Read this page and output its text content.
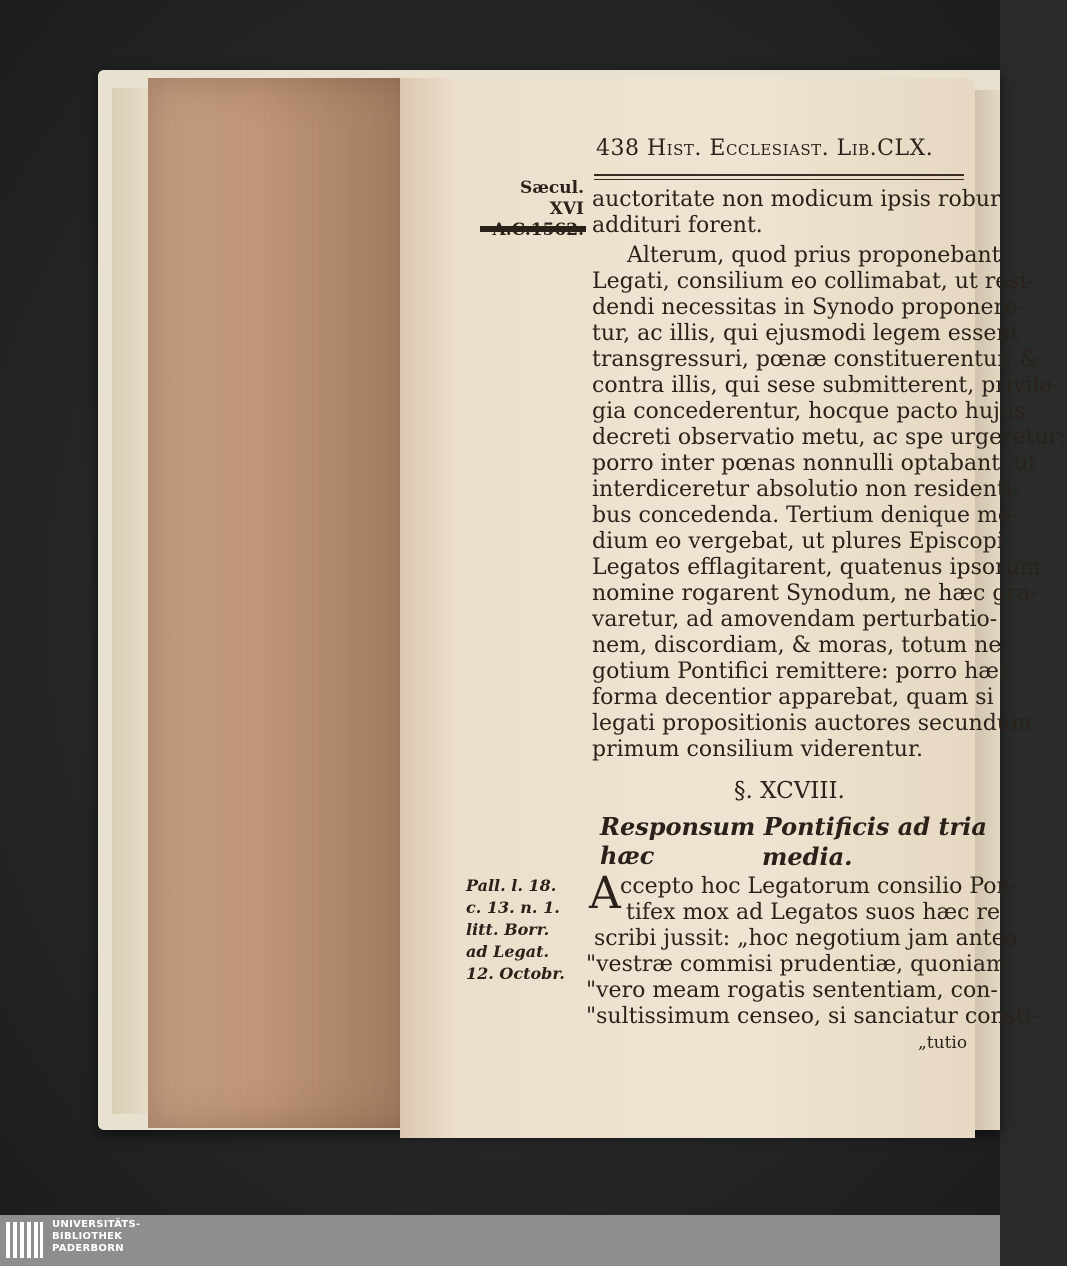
438 Hist. Ecclesiast. Lib.CLX.
Sæcul. XVI auctoritate non modicum ipsis robur
addituri forent.
Alterum, quod prius proponebant
Legati, consilium eo collimabat, ut resi-
dendi necessitas in Synodo proponere-
tur, ac illis, qui ejusmodi legem essent
transgressuri, pœnæ constituerentur, &
contra illis, qui sese submitterent, privile-
gia concederentur, hocque pacto hujus
decreti observatio metu, ac spe urgeretur;
porro inter pœnas nonnulli optabant, ut
interdiceretur absolutio non residenti-
bus concedenda. Tertium denique me-
dium eo vergebat, ut plures Episcopi
Legatos efflagitarent, quatenus ipsorum
nomine rogarent Synodum, ne hæc gra-
varetur, ad amovendam perturbatio-
nem, discordiam, & moras, totum ne-
gotium Pontifici remittere: porro hæc
forma decentior apparebat, quam si
legati propositionis auctores secundum
primum consilium viderentur.
§. XCVIII.
Responsum Pontificis ad tria hæc	media.
Pall. l. 18.
c. 13. n. 1.
litt. Borr.
ad Legat.
12. Octobr.
A ccepto hoc Legatorum consilio Pon-
tifex mox ad Legatos suos hæc re-
scribi jussit: „hoc negotium jam antea
"vestræ commisi prudentiæ, quoniam
"vero meam rogatis sententiam, con-
"sultissimum censeo, si sanciatur consti-
„tutio
UNIVERSITÄTS-
BIBLIOTHEK
PADERBORN
